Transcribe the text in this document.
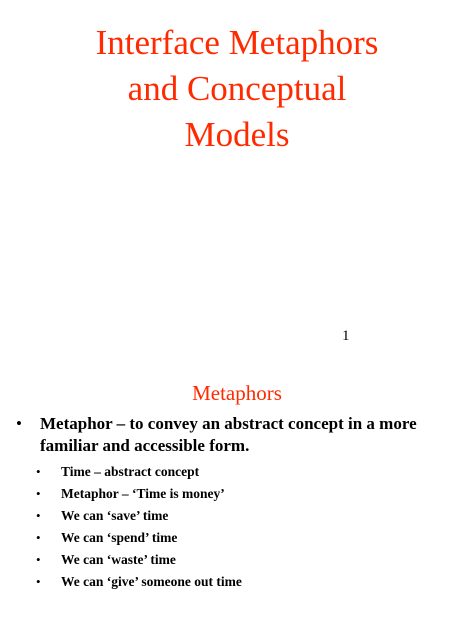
Interface Metaphors
and Conceptual
Models
1
Metaphors
• Metaphor – to convey an abstract concept in a more familiar and accessible form.
• Time – abstract concept
• Metaphor – ‘Time is money’
• We can ‘save’ time
• We can ‘spend’ time
• We can ‘waste’ time
• We can ‘give’ someone out time
